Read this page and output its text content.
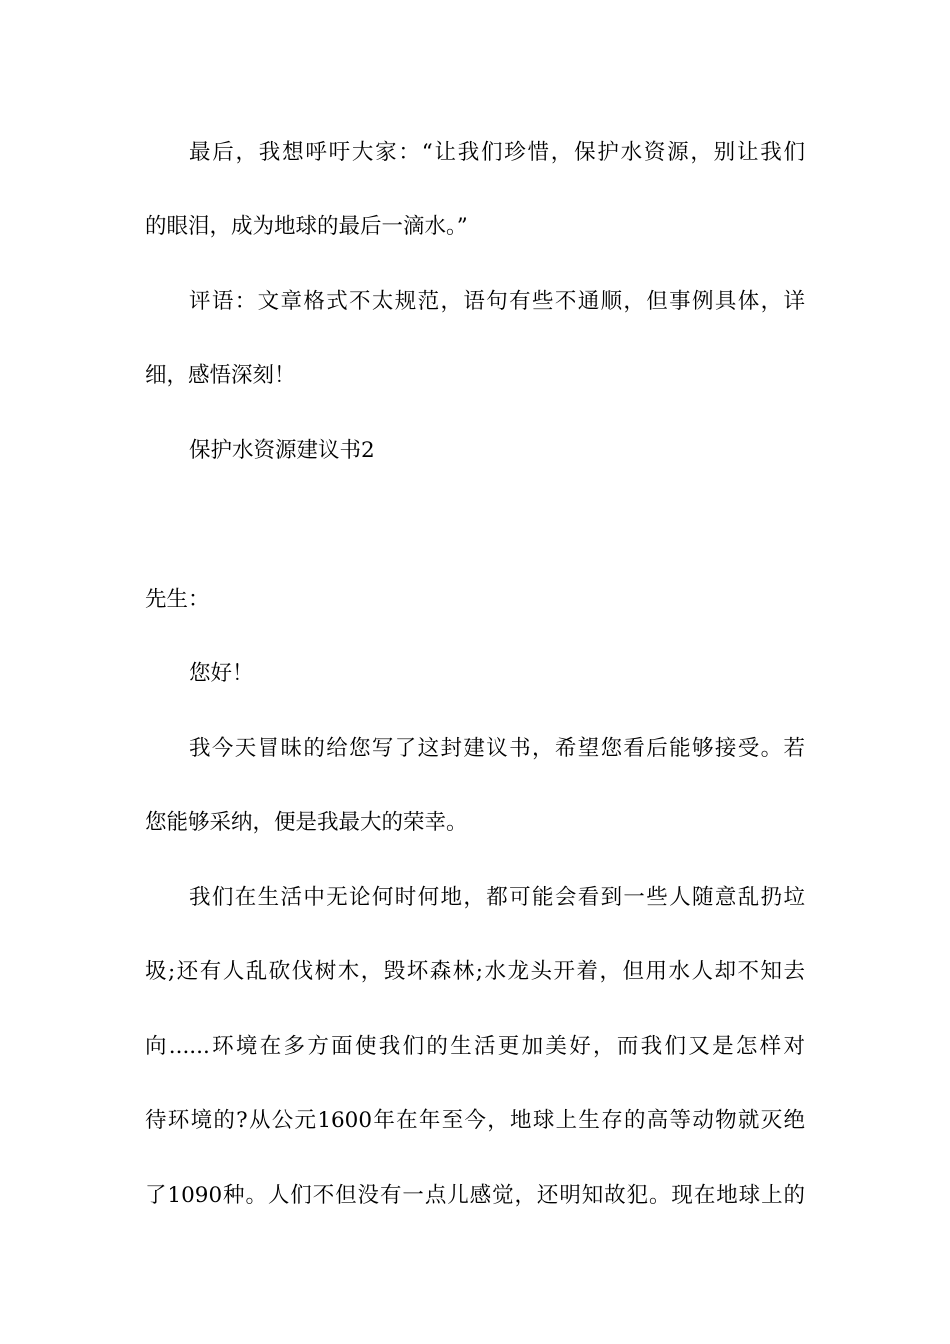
最后，我想呼吁大家：“让我们珍惜，保护水资源，别让我们
的眼泪，成为地球的最后一滴水。”
评语：文章格式不太规范，语句有些不通顺，但事例具体，详
细，感悟深刻！
保护水资源建议书2
先生：
您好！
我今天冒昧的给您写了这封建议书，希望您看后能够接受。若
您能够采纳，便是我最大的荣幸。
我们在生活中无论何时何地，都可能会看到一些人随意乱扔垃
圾;还有人乱砍伐树木，毁坏森林;水龙头开着，但用水人却不知去
向......环境在多方面使我们的生活更加美好，而我们又是怎样对
待环境的?从公元1600年在年至今，地球上生存的高等动物就灭绝
了1090种。人们不但没有一点儿感觉，还明知故犯。现在地球上的
